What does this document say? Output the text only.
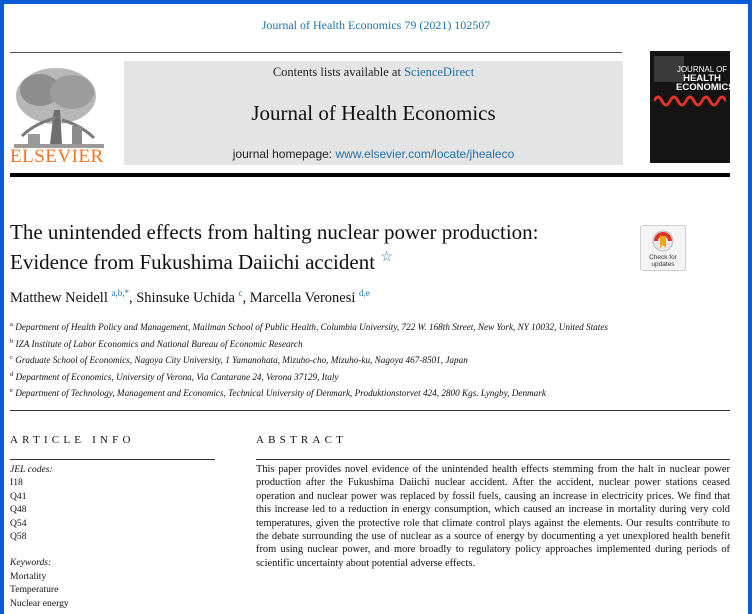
Journal of Health Economics 79 (2021) 102507
ELSEVIER
Contents lists available at ScienceDirect
Journal of Health Economics
journal homepage: www.elsevier.com/locate/jhealeco
JOURNAL OF
HEALTH
ECONOMICS
The unintended effects from halting nuclear power production:
Evidence from Fukushima Daiichi accident ☆	Check for
updates
Matthew Neidell $^{a,b,*}$, Shinsuke Uchida $^c$, Marcella Veronesi $^{d,e}$
$^a$ Department of Health Policy and Management, Mailman School of Public Health, Columbia University, 722 W. 168th Street, New York, NY 10032, United States
$^b$ IZA Institute of Labor Economics and National Bureau of Economic Research
$^c$ Graduate School of Economics, Nagoya City University, 1 Yamanohata, Mizuho-cho, Mizuho-ku, Nagoya 467-8501, Japan
$^d$ Department of Economics, University of Verona, Via Cantarane 24, Verona 37129, Italy
$^e$ Department of Technology, Management and Economics, Technical University of Denmark, Produktionstorvet 424, 2800 Kgs. Lyngby, Denmark
ARTICLE INFO	ABSTRACT
JEL codes:
I18
Q41
Q48
Q54
Q58
Keywords:
Mortality
Temperature
Nuclear energy
This paper provides novel evidence of the unintended health effects stemming from the halt in nuclear power production after the Fukushima Daiichi nuclear accident. After the accident, nuclear power stations ceased operation and nuclear power was replaced by fossil fuels, causing an increase in electricity prices. We find that this increase led to a reduction in energy consumption, which caused an increase in mortality during very cold temperatures, given the protective role that climate control plays against the elements. Our results contribute to the debate surrounding the use of nuclear as a source of energy by documenting a yet unexplored health benefit from using nuclear power, and more broadly to regulatory policy approaches implemented during periods of scientific uncertainty about potential adverse effects.
